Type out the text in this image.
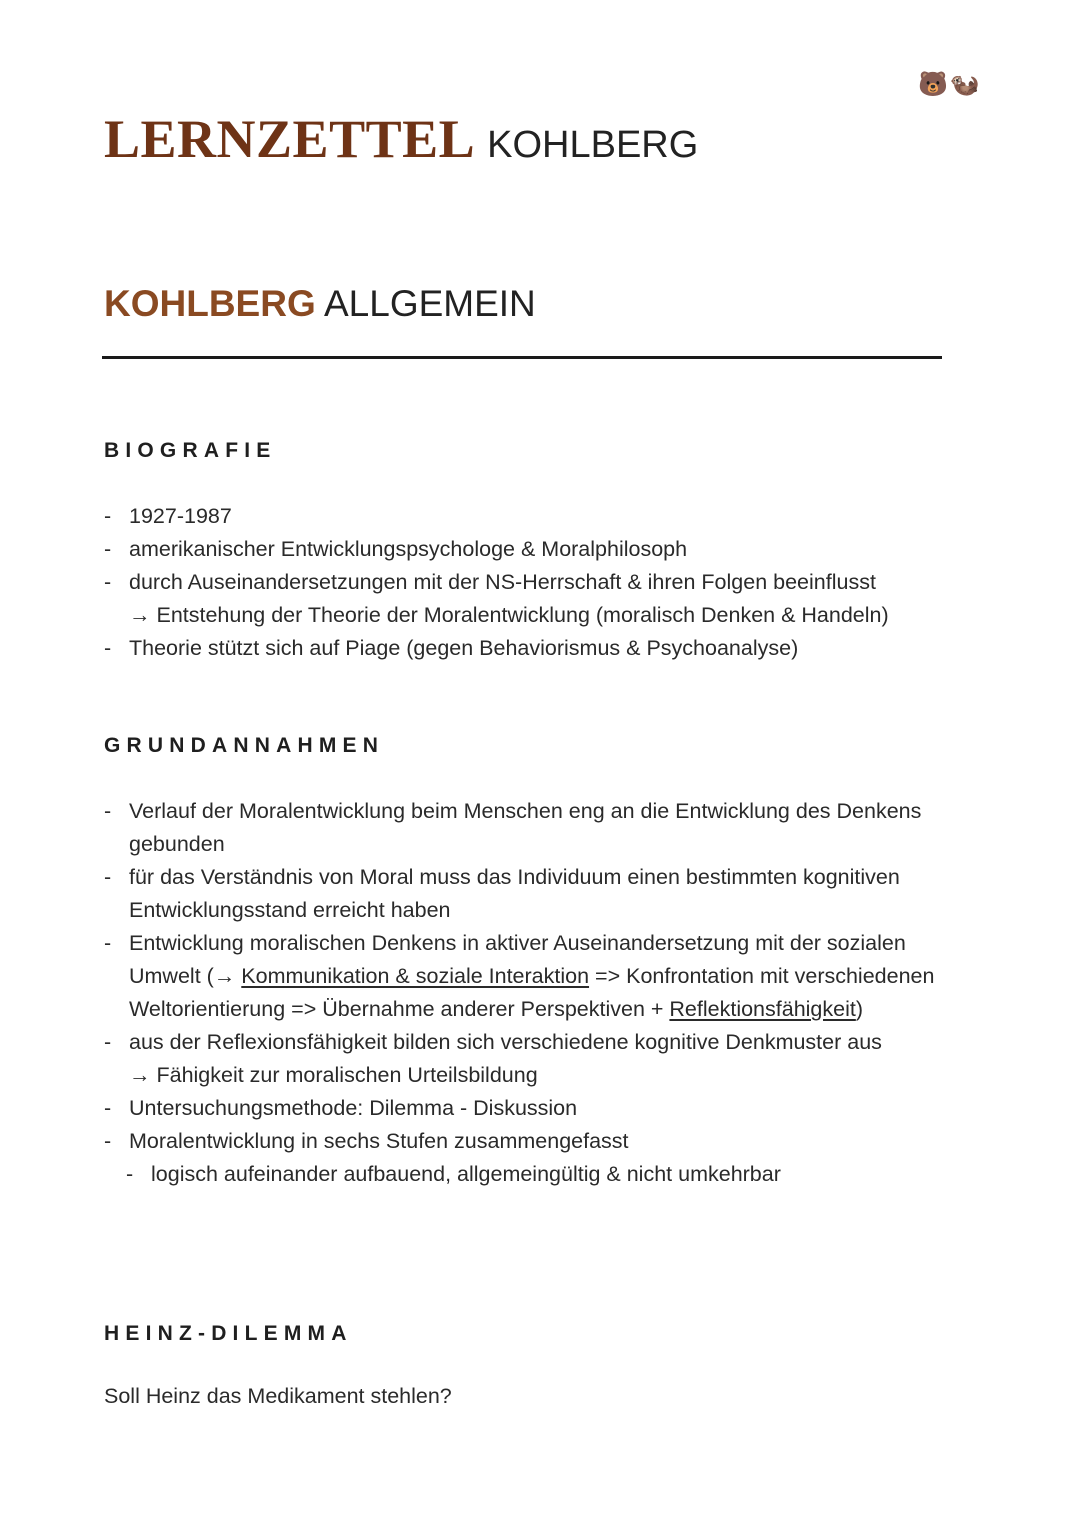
🐻🦦
LERNZETTEL KOHLBERG
KOHLBERG ALLGEMEIN
BIOGRAFIE
- 1927-1987
- amerikanischer Entwicklungspsychologe & Moralphilosoph
- durch Auseinandersetzungen mit der NS-Herrschaft & ihren Folgen beeinflusst
→ Entstehung der Theorie der Moralentwicklung (moralisch Denken & Handeln)
- Theorie stützt sich auf Piage (gegen Behaviorismus & Psychoanalyse)
GRUNDANNAHMEN
- Verlauf der Moralentwicklung beim Menschen eng an die Entwicklung des Denkens gebunden
- für das Verständnis von Moral muss das Individuum einen bestimmten kognitiven Entwicklungsstand erreicht haben
- Entwicklung moralischen Denkens in aktiver Auseinandersetzung mit der sozialen Umwelt (→ Kommunikation & soziale Interaktion => Konfrontation mit verschiedenen Weltorientierung => Übernahme anderer Perspektiven + Reflektionsfähigkeit)
- aus der Reflexionsfähigkeit bilden sich verschiedene kognitive Denkmuster aus
→ Fähigkeit zur moralischen Urteilsbildung
- Untersuchungsmethode: Dilemma - Diskussion
- Moralentwicklung in sechs Stufen zusammengefasst
- logisch aufeinander aufbauend, allgemeingültig & nicht umkehrbar
HEINZ-DILEMMA
Soll Heinz das Medikament stehlen?
